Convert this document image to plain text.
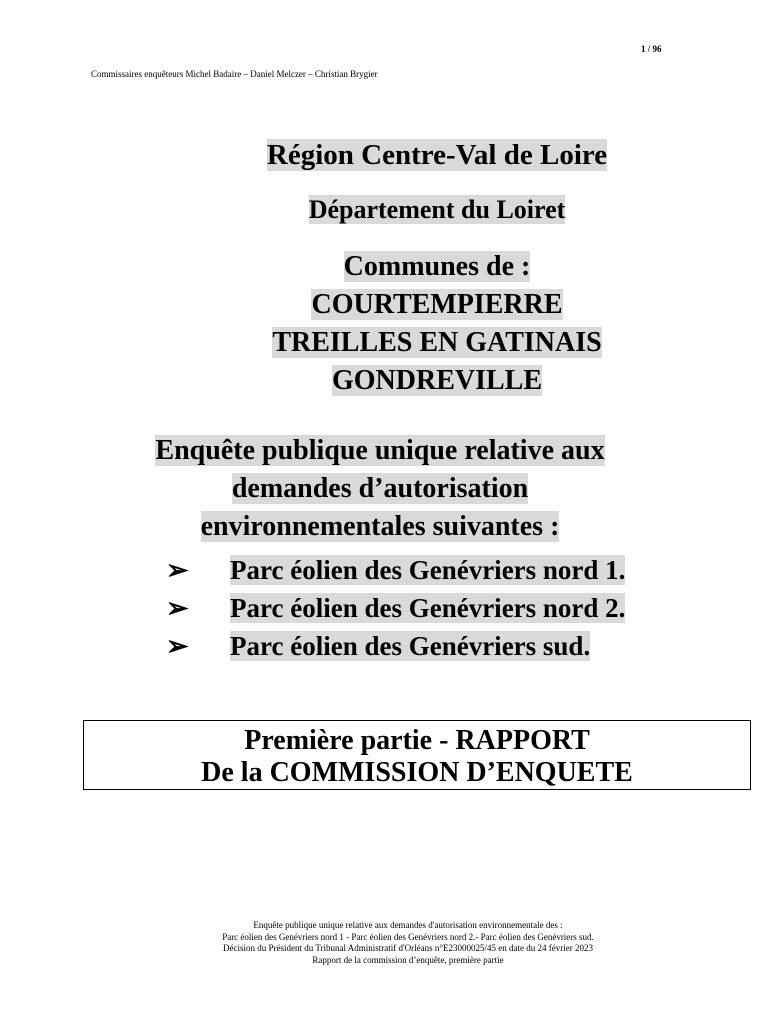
1 / 96
Commissaires enquêteurs Michel Badaire – Daniel Melczer – Christian Brygier
Région Centre-Val de Loire
Département du Loiret
Communes de :
COURTEMPIERRE
TREILLES EN GATINAIS
GONDREVILLE
Enquête publique unique relative aux
demandes d’autorisation
environnementales suivantes :
➢ Parc éolien des Genévriers nord 1.
➢ Parc éolien des Genévriers nord 2.
➢ Parc éolien des Genévriers sud.
Première partie - RAPPORT
De la COMMISSION D’ENQUETE
Enquête publique unique relative aux demandes d'autorisation environnementale des :
Parc éolien des Genévriers nord 1 - Parc éolien des Genévriers nord 2.- Parc éolien des Genévriers sud.
Décision du Président du Tribunal Administratif d'Orléans n°E23000025/45 en date du 24 février 2023
Rapport de la commission d’enquête, première partie
